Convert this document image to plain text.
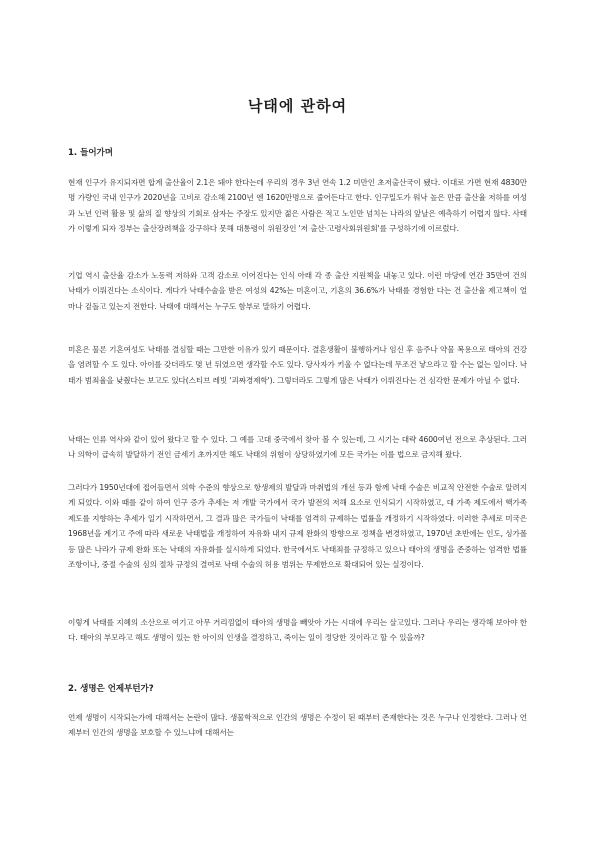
낙태에 관하여
1. 들어가며

현재 인구가 유지되자면 합계 출산율이 2.1은 돼야 한다는데 우리의 경우 3년 연속 1.2 미만인 초저출산국이 됐다. 이대로 가면 현재 4830만명 가량인 국내 인구가 2020년을 고비로 감소해 2100년 엔 1620만명으로 줄어든다고 한다. 인구밀도가 워낙 높은 만큼 출산율 저하를 여성과 노년 인력 활용 및 삶의 질 향상의 기회로 삼자는 주장도 있지만 젊은 사람은 적고 노인만 넘치는 나라의 앞날은 예측하기 어렵지 않다. 사태가 이렇게 되자 정부는 출산장려책을 강구하다 못해 대통령이 위원장인 '저 출산·고령사회위원회'를 구성하기에 이르렀다.

기업 역시 출산율 감소가 노동력 저하와 고객 감소로 이어진다는 인식 아래 각 종 출산 지원책을 내놓고 있다. 이런 마당에 연간 35만여 건의 낙태가 이뤄진다는 소식이다. 게다가 낙태수술을 받은 여성의 42%는 미혼이고, 기혼의 36.6%가 낙태를 경험한 다는 건 출산율 제고책이 얼마나 겉돌고 있는지 전한다. 낙태에 대해서는 누구도 함부로 말하기 어렵다.

미혼은 물론 기혼여성도 낙태를 결심할 때는 그만한 이유가 있기 때문이다. 결혼생활이 불행하거나 임신 후 음주나 약물 복용으로 태아의 건강을 염려할 수 도 있다. 아이를 갖더라도 몇 년 뒤였으면 생각할 수도 있다. 당사자가 키울 수 없다는데 무조건 낳으라고 할 수는 없는 일이다. 낙태가 범죄율을 낮췄다는 보고도 있다(스티브 레빗 '괴짜경제학'). 그렇더라도 그렇게 많은 낙태가 이뤄진다는 건 심각한 문제가 아닐 수 없다.

낙태는 인류 역사와 같이 있어 왔다고 할 수 있다. 그 예를 고대 중국에서 찾아 볼 수 있는데, 그 시기는 대략 4600여년 전으로 추상된다. 그러나 의학이 급속히 발달하기 전인 금세기 초까지만 해도 낙태의 위험이 상당하였기에 모든 국가는 이를 법으로 금지해 왔다.

그러다가 1950년대에 접어들면서 의학 수준의 향상으로 항생제의 발달과 마취법의 개선 등과 함께 낙태 수술은 비교적 안전한 수술로 알려지게 되었다. 이와 때를 같이 하여 인구 증가 추세는 저 개발 국가에서 국가 발전의 저해 요소로 인식되기 시작하였고, 대 가족 제도에서 핵가족 제도를 지향하는 추세가 일기 시작하면서, 그 결과 많은 국가들이 낙태를 엄격히 규제하는 법률을 개정하기 시작하였다. 이러한 추세로 미국은 1968년을 계기고 주에 따라 새로운 낙태법을 개정하여 자유화 내지 규제 완화의 방향으로 정책을 변경하였고, 1970년 초반에는 인도, 싱가폴등 많은 나라가 규제 완화 또는 낙태의 자유화를 실시하게 되었다. 한국에서도 낙태죄를 규정하고 있으나 태아의 생명을 존중하는 엄격한 법률 조항이나, 중절 수술의 심의 절차 규정의 결여로 낙태 수술의 허용 범위는 무제한으로 확대되어 있는 실정이다.

이렇게 낙태를 지혜의 소산으로 여기고 아무 거리낌없이 태아의 생명을 빼앗아 가는 시대에 우리는 살고있다. 그러나 우리는 생각해 보아야 한다. 태아의 부모라고 해도 생명이 있는 한 아이의 인생을 결정하고, 죽이는 일이 정당한 것이라고 할 수 있을까?

2. 생명은 언제부턴가?

언제 생명이 시작되는가에 대해서는 논란이 많다. 생물학적으로 인간의 생명은 수정이 된 때부터 존재한다는 것은 누구나 인정한다. 그러나 언제부터 인간의 생명을 보호할 수 있느냐에 대해서는
